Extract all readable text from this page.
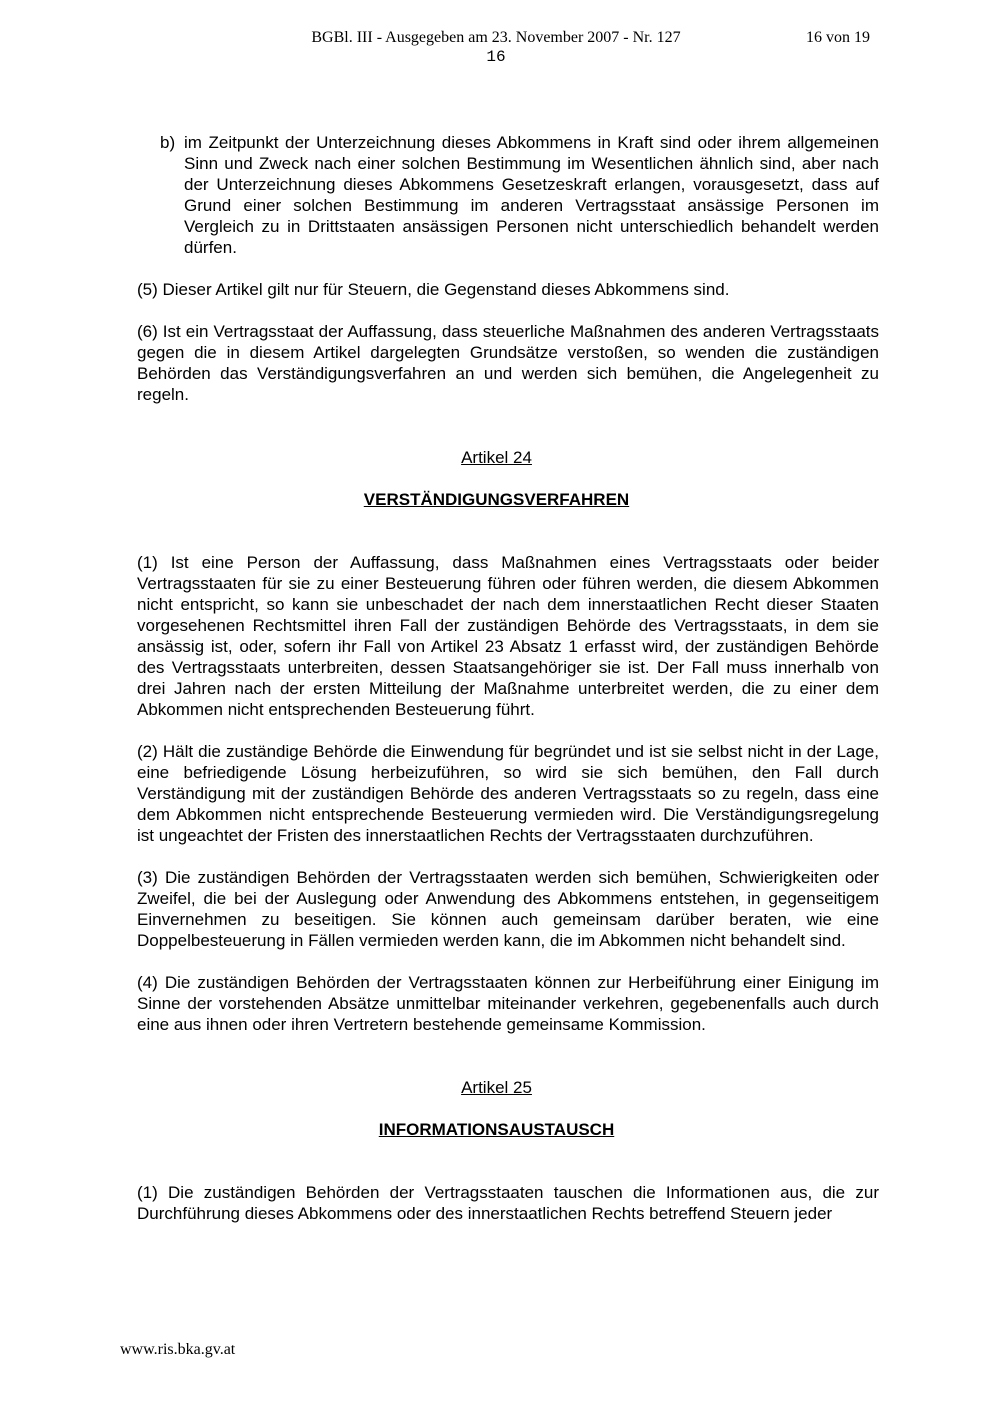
BGBl. III - Ausgegeben am 23. November 2007 - Nr. 127	16 von 19
16
b) im Zeitpunkt der Unterzeichnung dieses Abkommens in Kraft sind oder ihrem allgemeinen Sinn und Zweck nach einer solchen Bestimmung im Wesentlichen ähnlich sind, aber nach der Unterzeichnung dieses Abkommens Gesetzeskraft erlangen, vorausgesetzt, dass auf Grund einer solchen Bestimmung im anderen Vertragsstaat ansässige Personen im Vergleich zu in Drittstaaten ansässigen Personen nicht unterschiedlich behandelt werden dürfen.

(5) Dieser Artikel gilt nur für Steuern, die Gegenstand dieses Abkommens sind.

(6) Ist ein Vertragsstaat der Auffassung, dass steuerliche Maßnahmen des anderen Vertragsstaats gegen die in diesem Artikel dargelegten Grundsätze verstoßen, so wenden die zuständigen Behörden das Verständigungsverfahren an und werden sich bemühen, die Angelegenheit zu regeln.

Artikel 24

VERSTÄNDIGUNGSVERFAHREN

(1) Ist eine Person der Auffassung, dass Maßnahmen eines Vertragsstaats oder beider Vertragsstaaten für sie zu einer Besteuerung führen oder führen werden, die diesem Abkommen nicht entspricht, so kann sie unbeschadet der nach dem innerstaatlichen Recht dieser Staaten vorgesehenen Rechtsmittel ihren Fall der zuständigen Behörde des Vertragsstaats, in dem sie ansässig ist, oder, sofern ihr Fall von Artikel 23 Absatz 1 erfasst wird, der zuständigen Behörde des Vertragsstaats unterbreiten, dessen Staatsangehöriger sie ist. Der Fall muss innerhalb von drei Jahren nach der ersten Mitteilung der Maßnahme unterbreitet werden, die zu einer dem Abkommen nicht entsprechenden Besteuerung führt.

(2) Hält die zuständige Behörde die Einwendung für begründet und ist sie selbst nicht in der Lage, eine befriedigende Lösung herbeizuführen, so wird sie sich bemühen, den Fall durch Verständigung mit der zuständigen Behörde des anderen Vertragsstaats so zu regeln, dass eine dem Abkommen nicht entsprechende Besteuerung vermieden wird. Die Verständigungsregelung ist ungeachtet der Fristen des innerstaatlichen Rechts der Vertragsstaaten durchzuführen.

(3) Die zuständigen Behörden der Vertragsstaaten werden sich bemühen, Schwierigkeiten oder Zweifel, die bei der Auslegung oder Anwendung des Abkommens entstehen, in gegenseitigem Einvernehmen zu beseitigen. Sie können auch gemeinsam darüber beraten, wie eine Doppelbesteuerung in Fällen vermieden werden kann, die im Abkommen nicht behandelt sind.

(4) Die zuständigen Behörden der Vertragsstaaten können zur Herbeiführung einer Einigung im Sinne der vorstehenden Absätze unmittelbar miteinander verkehren, gegebenenfalls auch durch eine aus ihnen oder ihren Vertretern bestehende gemeinsame Kommission.

Artikel 25

INFORMATIONSAUSTAUSCH

(1) Die zuständigen Behörden der Vertragsstaaten tauschen die Informationen aus, die zur Durchführung dieses Abkommens oder des innerstaatlichen Rechts betreffend Steuern jeder

www.ris.bka.gv.at
